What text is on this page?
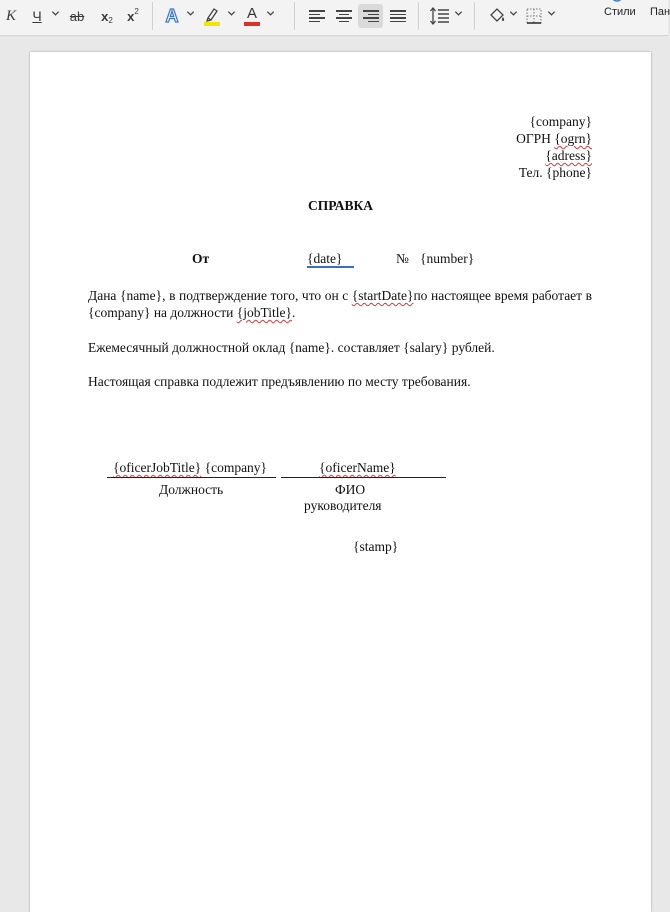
K	Ч	ab x 2 x 2 A	A	Стили Пан
{company}
ОГРН {ogrn}
{adress}
Тел. {phone}
СПРАВКА
От	{date}	№ {number}
Дана {name}, в подтверждение того, что он с {startDate}по настоящее время работает в {company} на должности {jobTitle}.
Ежемесячный должностной оклад {name}. составляет {salary} рублей.
Настоящая справка подлежит предъявлению по месту требования.
{oficerJobTitle} {company}	{oficerName}
Должность	ФИО
руководителя
{stamp}
